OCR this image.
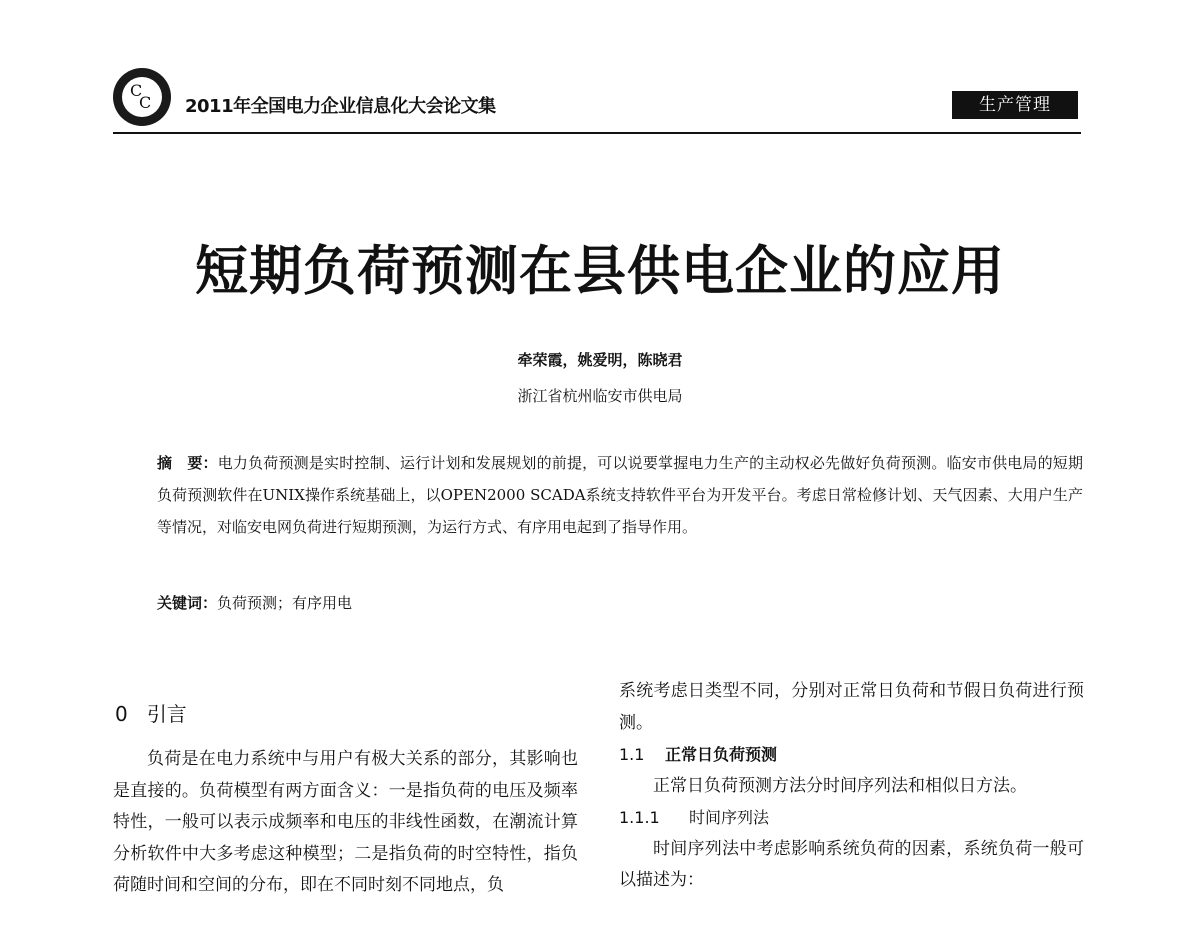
C
C 2011年全国电力企业信息化大会论文集	生产管理
短期负荷预测在县供电企业的应用
牵荣霞，姚爱明，陈晓君
浙江省杭州临安市供电局
摘　要：电力负荷预测是实时控制、运行计划和发展规划的前提，可以说要掌握电力生产的主动权必先做好负荷预测。临安市供电局的短期负荷预测软件在UNIX操作系统基础上，以OPEN2000 SCADA系统支持软件平台为开发平台。考虑日常检修计划、天气因素、大用户生产等情况，对临安电网负荷进行短期预测，为运行方式、有序用电起到了指导作用。
关键词：负荷预测；有序用电
0 引言

负荷是在电力系统中与用户有极大关系的部分，其影响也是直接的。负荷模型有两方面含义：一是指负荷的电压及频率特性，一般可以表示成频率和电压的非线性函数，在潮流计算分析软件中大多考虑这种模型；二是指负荷的时空特性，指负荷随时间和空间的分布，即在不同时刻不同地点，负

系统考虑日类型不同，分别对正常日负荷和节假日负荷进行预测。

1.1 正常日负荷预测

正常日负荷预测方法分时间序列法和相似日方法。

1.1.1 时间序列法

时间序列法中考虑影响系统负荷的因素，系统负荷一般可以描述为：
